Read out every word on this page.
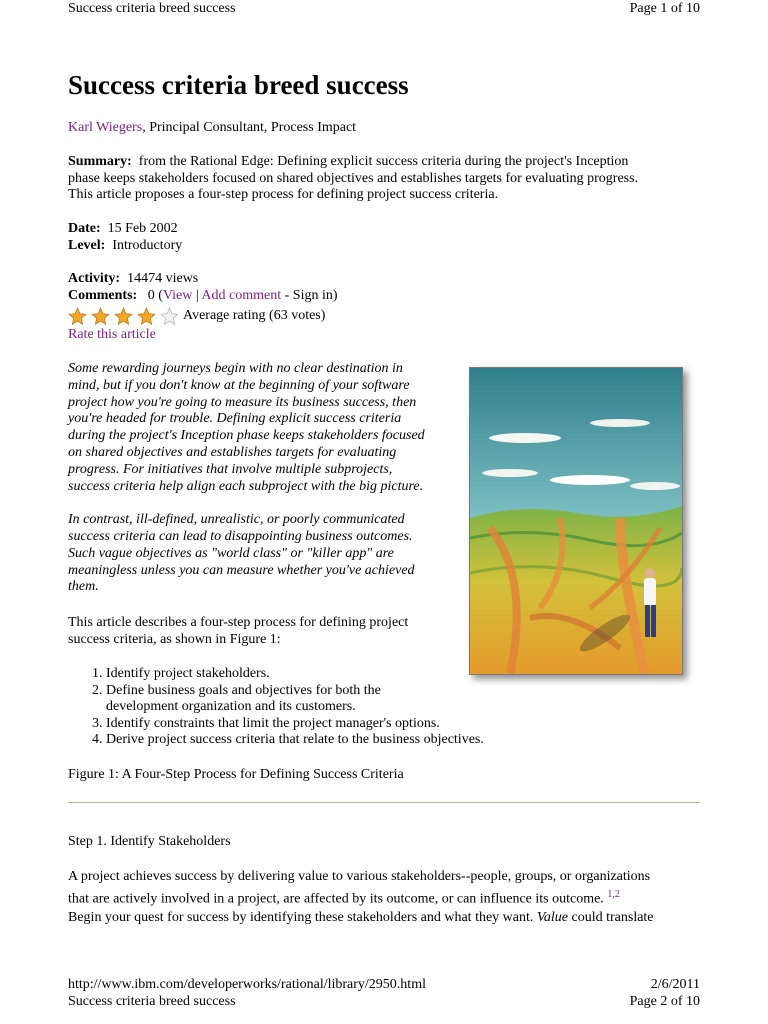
Success criteria breed success	Page 1 of 10
Success criteria breed success
Karl Wiegers, Principal Consultant, Process Impact
Summary: from the Rational Edge: Defining explicit success criteria during the project's Inception
phase keeps stakeholders focused on shared objectives and establishes targets for evaluating progress.
This article proposes a four-step process for defining project success criteria.
Date: 15 Feb 2002
Level: Introductory
Activity: 14474 views
Comments: 0 (View | Add comment - Sign in)
Average rating (63 votes)
Rate this article

Some rewarding journeys begin with no clear destination in
mind, but if you don't know at the beginning of your software
project how you're going to measure its business success, then
you're headed for trouble. Defining explicit success criteria
during the project's Inception phase keeps stakeholders focused
on shared objectives and establishes targets for evaluating
progress. For initiatives that involve multiple subprojects,
success criteria help align each subproject with the big picture.

In contrast, ill-defined, unrealistic, or poorly communicated
success criteria can lead to disappointing business outcomes.
Such vague objectives as "world class" or "killer app" are
meaningless unless you can measure whether you've achieved
them.

This article describes a four-step process for defining project
success criteria, as shown in Figure 1:
1. Identify project stakeholders.
2. Define business goals and objectives for both the
development organization and its customers.
3. Identify constraints that limit the project manager's options.
4. Derive project success criteria that relate to the business objectives.
Figure 1: A Four-Step Process for Defining Success Criteria
Step 1. Identify Stakeholders
A project achieves success by delivering value to various stakeholders--people, groups, or organizations
that are actively involved in a project, are affected by its outcome, or can influence its outcome. $^{1,2}$
Begin your quest for success by identifying these stakeholders and what they want. Value could translate
http://www.ibm.com/developerworks/rational/library/2950.html	2/6/2011
Success criteria breed success	Page 2 of 10
